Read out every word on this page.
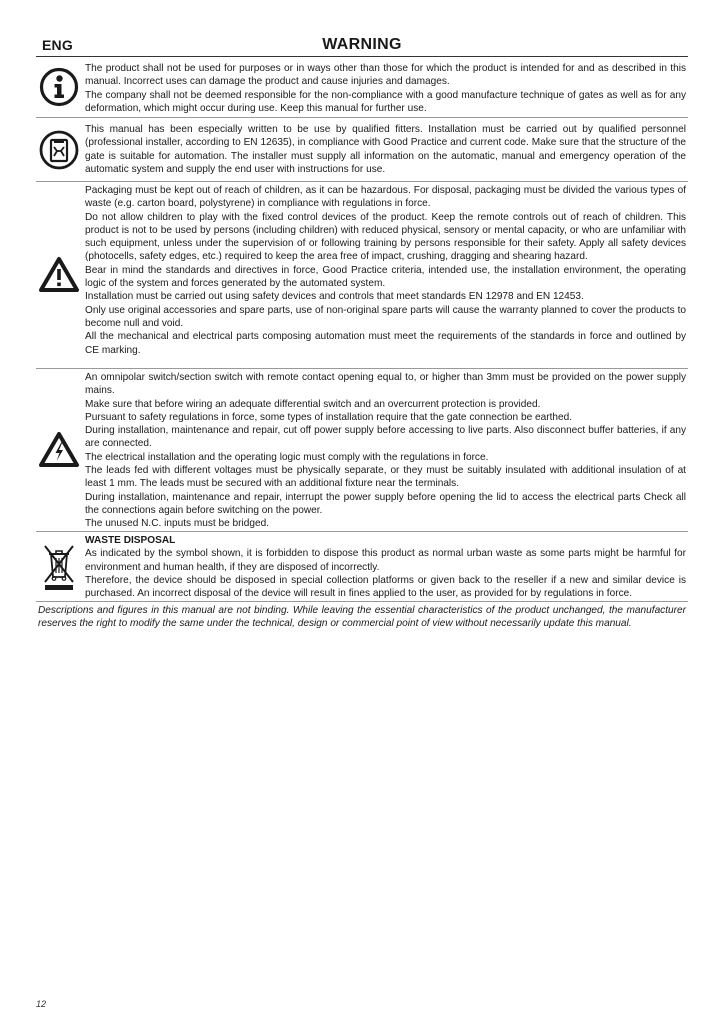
ENG	WARNING

The product shall not be used for purposes or in ways other than those for which the product is intended for and as described in this manual. Incorrect uses can damage the product and cause injuries and damages.

The company shall not be deemed responsible for the non-compliance with a good manufacture technique of gates as well as for any deformation, which might occur during use. Keep this manual for further use.

This manual has been especially written to be use by qualified fitters. Installation must be carried out by qualified personnel (professional installer, according to EN 12635), in compliance with Good Practice and current code. Make sure that the structure of the gate is suitable for automation. The installer must supply all information on the automatic, manual and emergency operation of the automatic system and supply the end user with instructions for use.

Packaging must be kept out of reach of children, as it can be hazardous. For disposal, packaging must be divided the various types of waste (e.g. carton board, polystyrene) in compliance with regulations in force.

Do not allow children to play with the fixed control devices of the product. Keep the remote controls out of reach of children. This product is not to be used by persons (including children) with reduced physical, sensory or mental capacity, or who are unfamiliar with such equipment, unless under the supervision of or following training by persons responsible for their safety. Apply all safety devices (photocells, safety edges, etc.) required to keep the area free of impact, crushing, dragging and shearing hazard.

Bear in mind the standards and directives in force, Good Practice criteria, intended use, the installation environment, the operating logic of the system and forces generated by the automated system.

Installation must be carried out using safety devices and controls that meet standards EN 12978 and EN 12453.

Only use original accessories and spare parts, use of non-original spare parts will cause the warranty planned to cover the products to become null and void.

All the mechanical and electrical parts composing automation must meet the requirements of the standards in force and outlined by CE marking.

An omnipolar switch/section switch with remote contact opening equal to, or higher than 3mm must be provided on the power supply mains.

Make sure that before wiring an adequate differential switch and an overcurrent protection is provided.

Pursuant to safety regulations in force, some types of installation require that the gate connection be earthed.

During installation, maintenance and repair, cut off power supply before accessing to live parts. Also disconnect buffer batteries, if any are connected.

The electrical installation and the operating logic must comply with the regulations in force.

The leads fed with different voltages must be physically separate, or they must be suitably insulated with additional insulation of at least 1 mm. The leads must be secured with an additional fixture near the terminals.

During installation, maintenance and repair, interrupt the power supply before opening the lid to access the electrical parts Check all the connections again before switching on the power.

The unused N.C. inputs must be bridged.

WASTE DISPOSAL

As indicated by the symbol shown, it is forbidden to dispose this product as normal urban waste as some parts might be harmful for environment and human health, if they are disposed of incorrectly.

Therefore, the device should be disposed in special collection platforms or given back to the reseller if a new and similar device is purchased. An incorrect disposal of the device will result in fines applied to the user, as provided for by regulations in force.

Descriptions and figures in this manual are not binding. While leaving the essential characteristics of the product unchanged, the manufacturer reserves the right to modify the same under the technical, design or commercial point of view without necessarily update this manual.
12
